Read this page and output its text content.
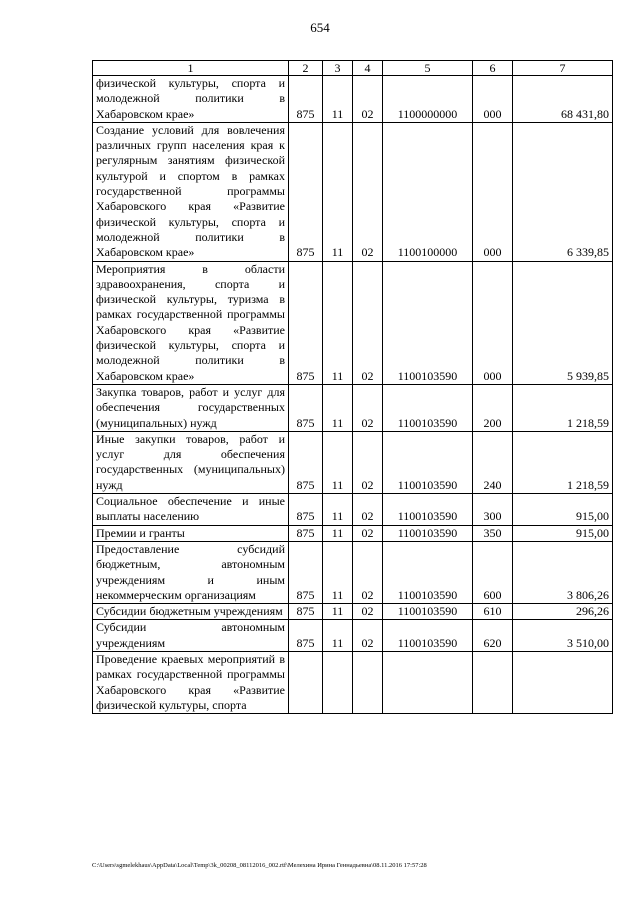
654
1	2	3	4	5	6	7
физической культуры, спорта и молодежной политики в Хабаровском крае»	875	11	02	1100000000	000	68 431,80
Создание условий для вовлечения различных групп населения края к регулярным занятиям физической культурой и спортом в рамках государственной программы Хабаровского края «Развитие физической культуры, спорта и молодежной политики в Хабаровском крае»	875	11	02	1100100000	000	6 339,85
Мероприятия в области здравоохранения, спорта и физической культуры, туризма в рамках государственной программы Хабаровского края «Развитие физической культуры, спорта и молодежной политики в Хабаровском крае»	875	11	02	1100103590	000	5 939,85
Закупка товаров, работ и услуг для обеспечения государственных (муниципальных) нужд	875	11	02	1100103590	200	1 218,59
Иные закупки товаров, работ и услуг для обеспечения государственных (муниципальных) нужд	875	11	02	1100103590	240	1 218,59
Социальное обеспечение и иные выплаты населению	875	11	02	1100103590	300	915,00
Премии и гранты	875	11	02	1100103590	350	915,00
Предоставление субсидий бюджетным, автономным учреждениям и иным некоммерческим организациям	875	11	02	1100103590	600	3 806,26
Субсидии бюджетным учреждениям	875	11	02	1100103590	610	296,26
Субсидии автономным учреждениям	875	11	02	1100103590	620	3 510,00
Проведение краевых мероприятий в рамках государственной программы Хабаровского края «Развитие физической культуры, спорта						
C:\Users\sgmelekhaus\AppData\Local\Temp\3k_00208_08112016_002.rtf\Мелехина Ирина Геннадьевна\08.11.2016 17:57:28
